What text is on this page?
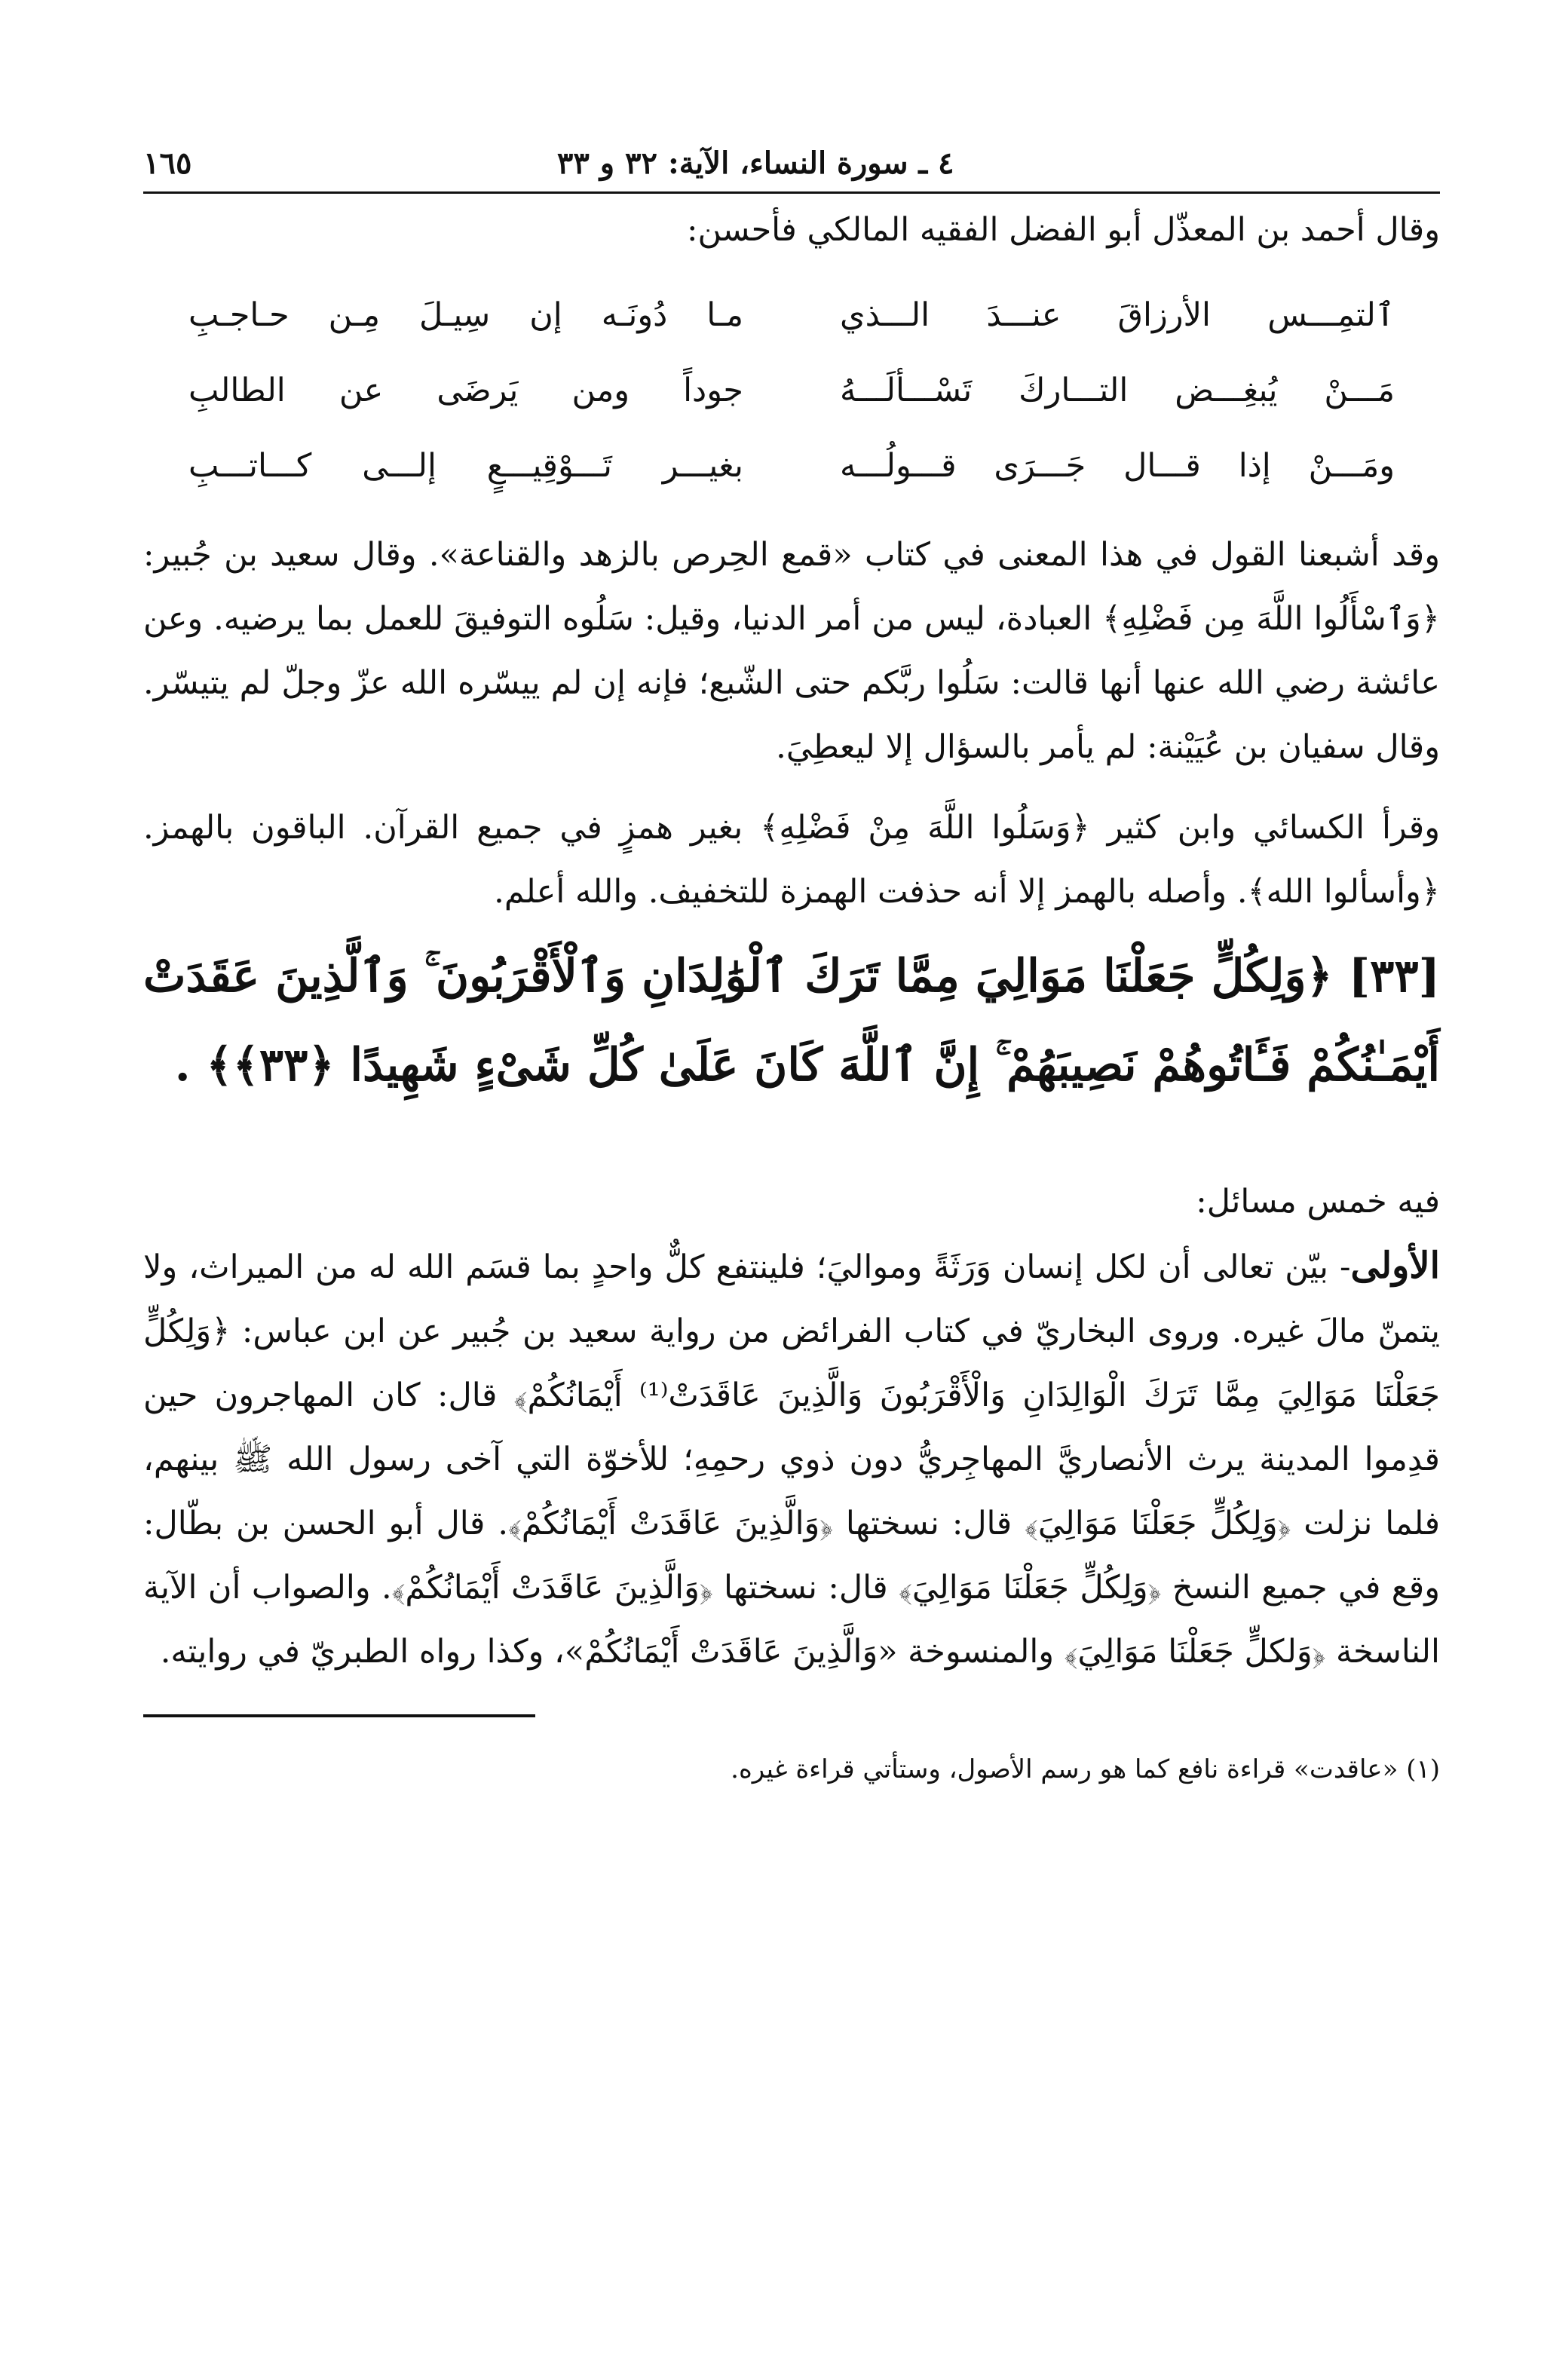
٤ ـ سورة النساء، الآية: ٣٢ و ٣٣
١٦٥

وقال أحمد بن المعذّل أبو الفضل الفقيه المالكي فأحسن:

ٱلتمِـــس الأرزاقَ عنـــدَ الـــذي
مـا دُونَـه إن سِيـلَ مِـن حـاجـبِ
مَـــنْ يُبغِـــض التـــاركَ تَسْـــألَـــهُ
جوداً ومن يَرضَى عن الطالبِ
ومَـــنْ إذا قـــال جَـــرَى قـــولُـــه
بغيـــر تَـــوْقِيـــعٍ إلـــى كـــاتـــبِ

وقد أشبعنا القول في هذا المعنى في كتاب «قمع الحِرص بالزهد والقناعة». وقال سعيد بن جُبير: ﴿وَٱسْأَلُوا اللَّهَ مِن فَضْلِهِ﴾ العبادة، ليس من أمر الدنيا، وقيل: سَلُوه التوفيقَ للعمل بما يرضيه. وعن عائشة رضي الله عنها أنها قالت: سَلُوا ربَّكم حتى الشّبع؛ فإنه إن لم ييسّره الله عزّ وجلّ لم يتيسّر. وقال سفيان بن عُيَيْنة: لم يأمر بالسؤال إلا ليعطِيَ.

وقرأ الكسائي وابن كثير ﴿وَسَلُوا اللَّهَ مِنْ فَضْلِهِ﴾ بغير همزٍ في جميع القرآن. الباقون بالهمز. ﴿وأسألوا الله﴾. وأصله بالهمز إلا أنه حذفت الهمزة للتخفيف. والله أعلم.

[٣٣] ﴿وَلِكُلٍّ جَعَلْنَا مَوَالِيَ مِمَّا تَرَكَ ٱلْوَٰلِدَانِ وَٱلْأَقْرَبُونَ ۚ وَٱلَّذِينَ عَقَدَتْ أَيْمَـٰنُكُمْ فَـَٔاتُوهُمْ نَصِيبَهُمْ ۚ إِنَّ ٱللَّهَ كَانَ عَلَىٰ كُلِّ شَىْءٍ شَهِيدًا ﴿٣٣﴾﴾ .

فيه خمس مسائل:

الأولى- بيّن تعالى أن لكل إنسان وَرَثَةً ومواليَ؛ فلينتفع كلٌّ واحدٍ بما قسَم الله له من الميراث، ولا يتمنّ مالَ غيره. وروى البخاريّ في كتاب الفرائض من رواية سعيد بن جُبير عن ابن عباس: ﴿وَلِكُلٍّ جَعَلْنَا مَوَالِيَ مِمَّا تَرَكَ الْوَالِدَانِ وَالْأَقْرَبُونَ وَالَّذِينَ عَاقَدَتْ⁽¹⁾ أَيْمَانُكُمْ﴾ قال: كان المهاجرون حين قدِموا المدينة يرث الأنصاريَّ المهاجِريُّ دون ذوي رحمِهِ؛ للأخوّة التي آخى رسول الله ﷺ بينهم، فلما نزلت ﴿وَلِكُلٍّ جَعَلْنَا مَوَالِيَ﴾ قال: نسختها ﴿وَالَّذِينَ عَاقَدَتْ أَيْمَانُكُمْ﴾. قال أبو الحسن بن بطّال: وقع في جميع النسخ ﴿وَلِكُلٍّ جَعَلْنَا مَوَالِيَ﴾ قال: نسختها ﴿وَالَّذِينَ عَاقَدَتْ أَيْمَانُكُمْ﴾. والصواب أن الآية الناسخة ﴿وَلكلٍّ جَعَلْنَا مَوَالِيَ﴾ والمنسوخة «وَالَّذِينَ عَاقَدَتْ أَيْمَانُكُمْ»، وكذا رواه الطبريّ في روايته.

(١) «عاقدت» قراءة نافع كما هو رسم الأصول، وستأتي قراءة غيره.
